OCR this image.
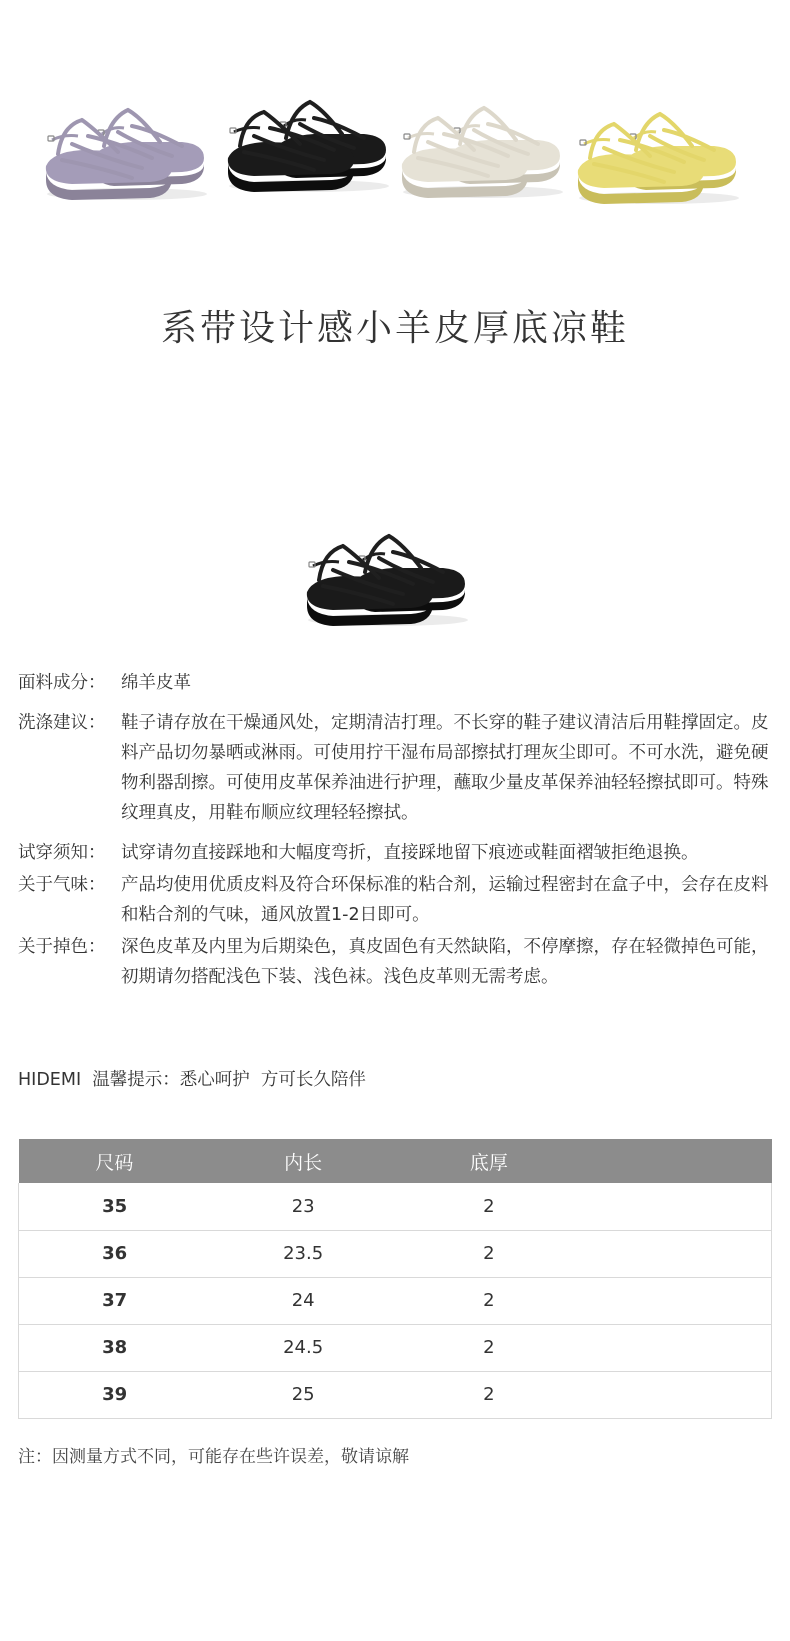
系带设计感小羊皮厚底凉鞋
面料成分： 绵羊皮革
洗涤建议： 鞋子请存放在干燥通风处，定期清洁打理。不长穿的鞋子建议清洁后用鞋撑固定。皮料产品切勿暴晒或淋雨。可使用拧干湿布局部擦拭打理灰尘即可。不可水洗，避免硬物利器刮擦。可使用皮革保养油进行护理，蘸取少量皮革保养油轻轻擦拭即可。特殊纹理真皮，用鞋布顺应纹理轻轻擦拭。
试穿须知： 试穿请勿直接踩地和大幅度弯折，直接踩地留下痕迹或鞋面褶皱拒绝退换。
关于气味： 产品均使用优质皮料及符合环保标准的粘合剂，运输过程密封在盒子中，会存在皮料和粘合剂的气味，通风放置1-2日即可。
关于掉色： 深色皮革及内里为后期染色，真皮固色有天然缺陷，不停摩擦，存在轻微掉色可能，初期请勿搭配浅色下装、浅色袜。浅色皮革则无需考虑。
HIDEMI  温馨提示：悉心呵护  方可长久陪伴
尺码	内长	底厚	
35	23	2	
36	23.5	2	
37	24	2	
38	24.5	2	
39	25	2	
注：因测量方式不同，可能存在些许误差，敬请谅解
